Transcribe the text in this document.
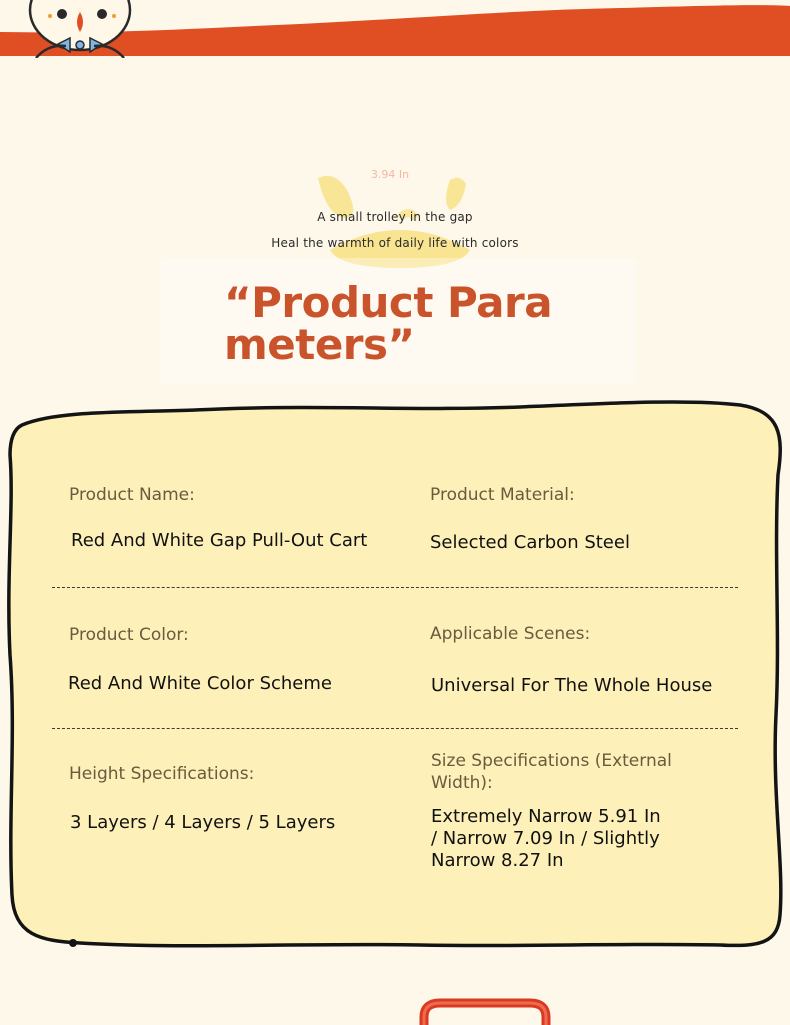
3.94 In
A small trolley in the gap
Heal the warmth of daily life with colors
“Product Parameters”
Product Name:
Red And White Gap Pull-Out Cart
Product Material:
Selected Carbon Steel
Product Color:
Red And White Color Scheme
Applicable Scenes:
Universal For The Whole House
Height Specifications:
3 Layers / 4 Layers / 5 Layers
Size Specifications (External Width):
Extremely Narrow 5.91 In / Narrow 7.09 In / Slightly Narrow 8.27 In
